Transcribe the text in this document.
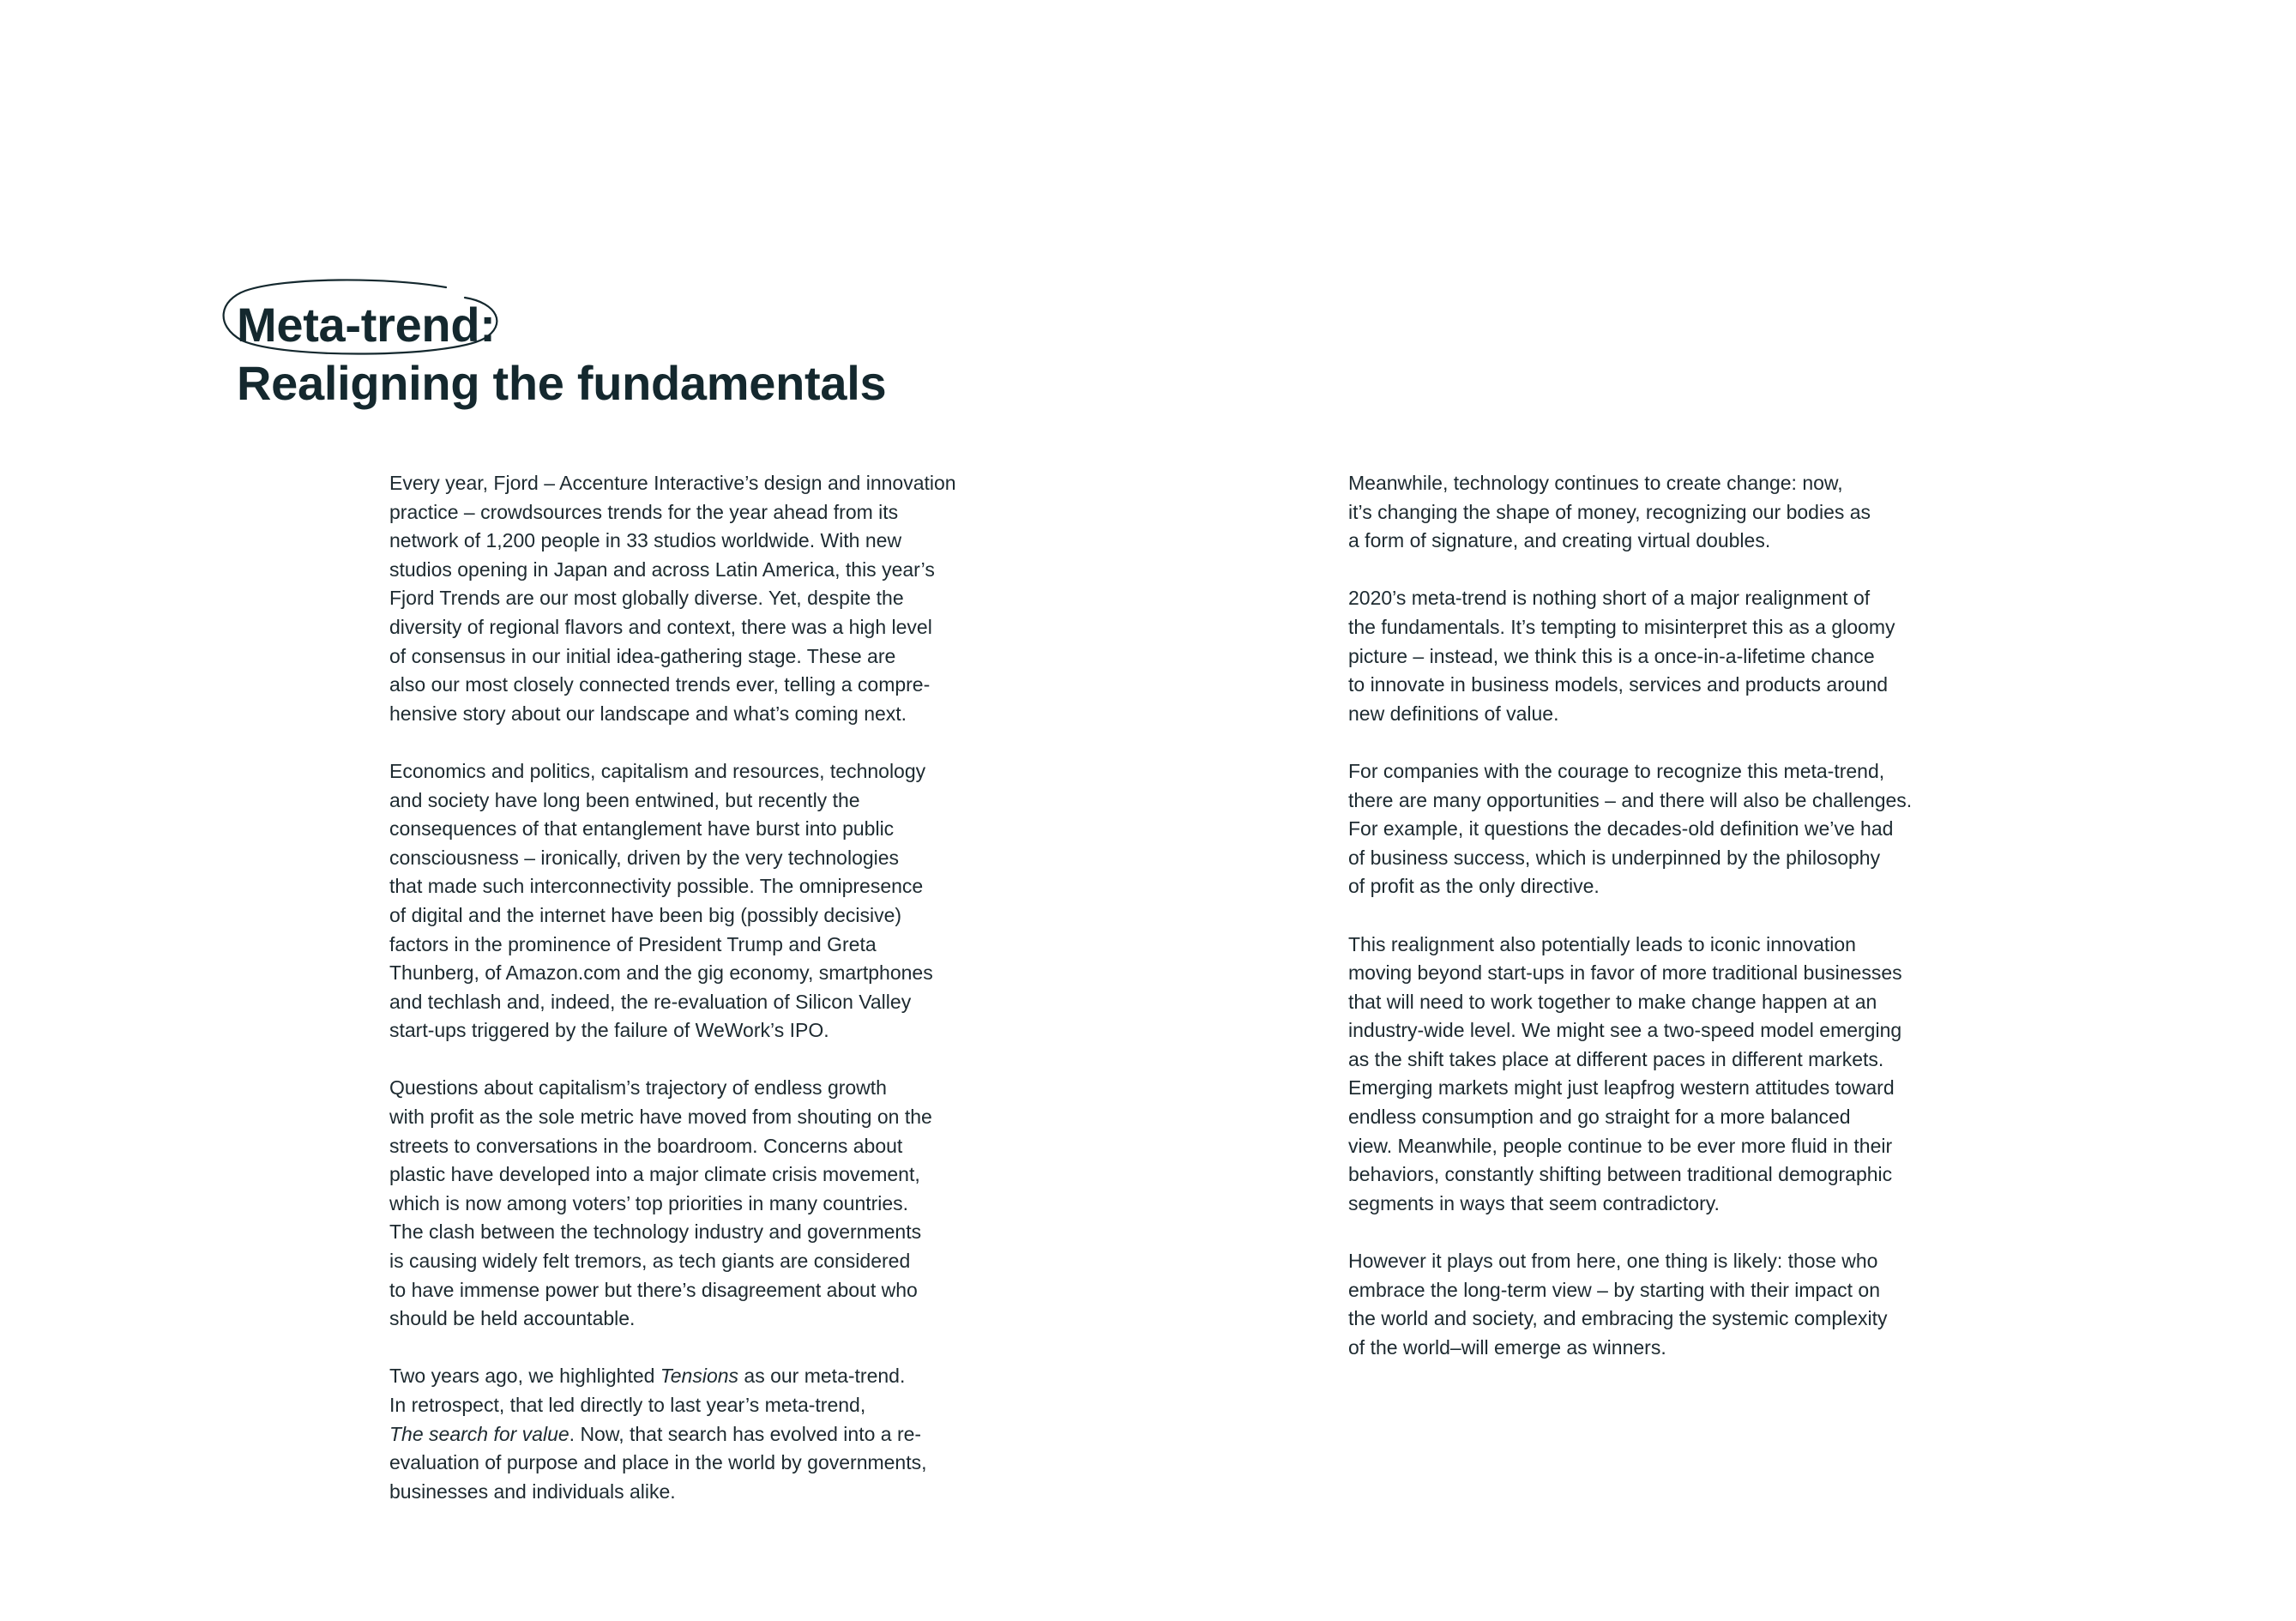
Meta-trend:
Realigning the fundamentals

Every year, Fjord – Accenture Interactive’s design and innovation
practice – crowdsources trends for the year ahead from its
network of 1,200 people in 33 studios worldwide. With new
studios opening in Japan and across Latin America, this year’s
Fjord Trends are our most globally diverse. Yet, despite the
diversity of regional flavors and context, there was a high level
of consensus in our initial idea-gathering stage. These are
also our most closely connected trends ever, telling a compre-
hensive story about our landscape and what’s coming next.

Economics and politics, capitalism and resources, technology
and society have long been entwined, but recently the
consequences of that entanglement have burst into public
consciousness – ironically, driven by the very technologies
that made such interconnectivity possible. The omnipresence
of digital and the internet have been big (possibly decisive)
factors in the prominence of President Trump and Greta
Thunberg, of Amazon.com and the gig economy, smartphones
and techlash and, indeed, the re-evaluation of Silicon Valley
start-ups triggered by the failure of WeWork’s IPO.

Questions about capitalism’s trajectory of endless growth
with profit as the sole metric have moved from shouting on the
streets to conversations in the boardroom. Concerns about
plastic have developed into a major climate crisis movement,
which is now among voters’ top priorities in many countries.
The clash between the technology industry and governments
is causing widely felt tremors, as tech giants are considered
to have immense power but there’s disagreement about who
should be held accountable.

Two years ago, we highlighted Tensions as our meta-trend.
In retrospect, that led directly to last year’s meta-trend,
The search for value. Now, that search has evolved into a re-
evaluation of purpose and place in the world by governments,
businesses and individuals alike.

Meanwhile, technology continues to create change: now,
it’s changing the shape of money, recognizing our bodies as
a form of signature, and creating virtual doubles.

2020’s meta-trend is nothing short of a major realignment of
the fundamentals. It’s tempting to misinterpret this as a gloomy
picture – instead, we think this is a once-in-a-lifetime chance
to innovate in business models, services and products around
new definitions of value.

For companies with the courage to recognize this meta-trend,
there are many opportunities – and there will also be challenges.
For example, it questions the decades-old definition we’ve had
of business success, which is underpinned by the philosophy
of profit as the only directive.

This realignment also potentially leads to iconic innovation
moving beyond start-ups in favor of more traditional businesses
that will need to work together to make change happen at an
industry-wide level. We might see a two-speed model emerging
as the shift takes place at different paces in different markets.
Emerging markets might just leapfrog western attitudes toward
endless consumption and go straight for a more balanced
view. Meanwhile, people continue to be ever more fluid in their
behaviors, constantly shifting between traditional demographic
segments in ways that seem contradictory.

However it plays out from here, one thing is likely: those who
embrace the long-term view – by starting with their impact on
the world and society, and embracing the systemic complexity
of the world–will emerge as winners.
